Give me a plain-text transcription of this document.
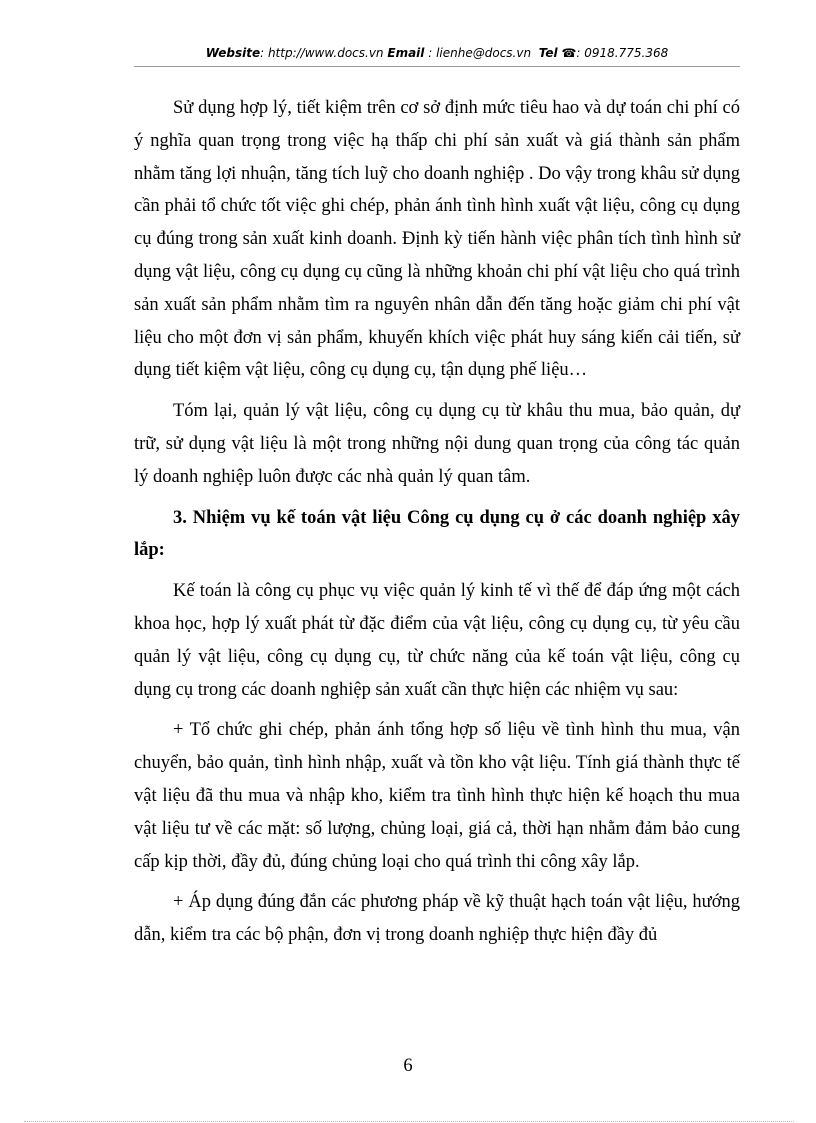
Website: http://www.docs.vn Email : lienhe@docs.vn Tel ☎: 0918.775.368

Sử dụng hợp lý, tiết kiệm trên cơ sở định mức tiêu hao và dự toán chi phí có ý nghĩa quan trọng trong việc hạ thấp chi phí sản xuất và giá thành sản phẩm nhằm tăng lợi nhuận, tăng tích luỹ cho doanh nghiệp . Do vậy trong khâu sử dụng cần phải tổ chức tốt việc ghi chép, phản ánh tình hình xuất vật liệu, công cụ dụng cụ đúng trong sản xuất kinh doanh. Định kỳ tiến hành việc phân tích tình hình sử dụng vật liệu, công cụ dụng cụ cũng là những khoản chi phí vật liệu cho quá trình sản xuất sản phẩm nhằm tìm ra nguyên nhân dẫn đến tăng hoặc giảm chi phí vật liệu cho một đơn vị sản phẩm, khuyến khích việc phát huy sáng kiến cải tiến, sử dụng tiết kiệm vật liệu, công cụ dụng cụ, tận dụng phế liệu…

Tóm lại, quản lý vật liệu, công cụ dụng cụ từ khâu thu mua, bảo quản, dự trữ, sử dụng vật liệu là một trong những nội dung quan trọng của công tác quản lý doanh nghiệp luôn được các nhà quản lý quan tâm.

3. Nhiệm vụ kế toán vật liệu Công cụ dụng cụ ở các doanh nghiệp xây lắp:

Kế toán là công cụ phục vụ việc quản lý kinh tế vì thế để đáp ứng một cách khoa học, hợp lý xuất phát từ đặc điểm của vật liệu, công cụ dụng cụ, từ yêu cầu quản lý vật liệu, công cụ dụng cụ, từ chức năng của kế toán vật liệu, công cụ dụng cụ trong các doanh nghiệp sản xuất cần thực hiện các nhiệm vụ sau:

+ Tổ chức ghi chép, phản ánh tổng hợp số liệu về tình hình thu mua, vận chuyển, bảo quản, tình hình nhập, xuất và tồn kho vật liệu. Tính giá thành thực tế vật liệu đã thu mua và nhập kho, kiểm tra tình hình thực hiện kế hoạch thu mua vật liệu tư về các mặt: số lượng, chủng loại, giá cả, thời hạn nhằm đảm bảo cung cấp kịp thời, đầy đủ, đúng chủng loại cho quá trình thi công xây lắp.

+ Áp dụng đúng đắn các phương pháp về kỹ thuật hạch toán vật liệu, hướng dẫn, kiểm tra các bộ phận, đơn vị trong doanh nghiệp thực hiện đầy đủ

6
